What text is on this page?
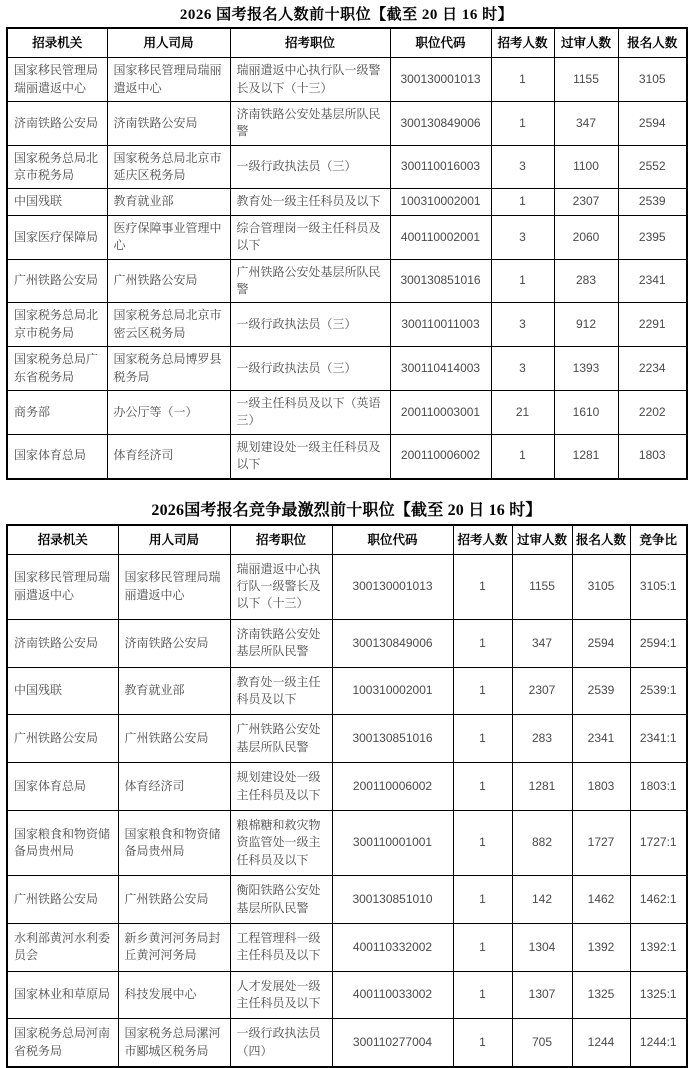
2026 国考报名人数前十职位【截至 20 日 16 时】
招录机关	用人司局	招考职位	职位代码	招考人数	过审人数	报名人数
国家移民管理局瑞丽遣返中心	国家移民管理局瑞丽遣返中心	瑞丽遣返中心执行队一级警长及以下（十三）	300130001013	1	1155	3105
济南铁路公安局	济南铁路公安局	济南铁路公安处基层所队民警	300130849006	1	347	2594
国家税务总局北京市税务局	国家税务总局北京市延庆区税务局	一级行政执法员（三）	300110016003	3	1100	2552
中国残联	教育就业部	教育处一级主任科员及以下	100310002001	1	2307	2539
国家医疗保障局	医疗保障事业管理中心	综合管理岗一级主任科员及以下	400110002001	3	2060	2395
广州铁路公安局	广州铁路公安局	广州铁路公安处基层所队民警	300130851016	1	283	2341
国家税务总局北京市税务局	国家税务总局北京市密云区税务局	一级行政执法员（三）	300110011003	3	912	2291
国家税务总局广东省税务局	国家税务总局博罗县税务局	一级行政执法员（三）	300110414003	3	1393	2234
商务部	办公厅等（一）	一级主任科员及以下（英语三）	200110003001	21	1610	2202
国家体育总局	体育经济司	规划建设处一级主任科员及以下	200110006002	1	1281	1803
2026国考报名竞争最激烈前十职位【截至 20 日 16 时】
招录机关	用人司局	招考职位	职位代码	招考人数	过审人数	报名人数	竞争比
国家移民管理局瑞丽遣返中心	国家移民管理局瑞丽遣返中心	瑞丽遣返中心执行队一级警长及以下（十三）	300130001013	1	1155	3105	3105:1
济南铁路公安局	济南铁路公安局	济南铁路公安处基层所队民警	300130849006	1	347	2594	2594:1
中国残联	教育就业部	教育处一级主任科员及以下	100310002001	1	2307	2539	2539:1
广州铁路公安局	广州铁路公安局	广州铁路公安处基层所队民警	300130851016	1	283	2341	2341:1
国家体育总局	体育经济司	规划建设处一级主任科员及以下	200110006002	1	1281	1803	1803:1
国家粮食和物资储备局贵州局	国家粮食和物资储备局贵州局	粮棉糖和救灾物资监管处一级主任科员及以下	300110001001	1	882	1727	1727:1
广州铁路公安局	广州铁路公安局	衡阳铁路公安处基层所队民警	300130851010	1	142	1462	1462:1
水利部黄河水利委员会	新乡黄河河务局封丘黄河河务局	工程管理科一级主任科员及以下	400110332002	1	1304	1392	1392:1
国家林业和草原局	科技发展中心	人才发展处一级主任科员及以下	400110033002	1	1307	1325	1325:1
国家税务总局河南省税务局	国家税务总局漯河市郾城区税务局	一级行政执法员（四）	300110277004	1	705	1244	1244:1
